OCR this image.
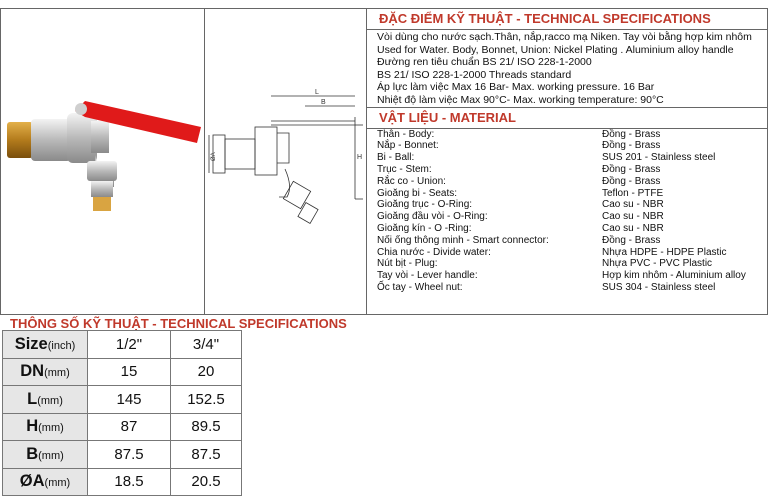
L
B
H
ØA
ĐẶC ĐIỂM KỸ THUẬT - TECHNICAL SPECIFICATIONS
Vòi dùng cho nước sạch.Thân, nắp,racco mạ Niken. Tay vòi bằng hợp kim nhôm
Used for Water. Body, Bonnet, Union: Nickel Plating . Aluminium alloy handle
Đường ren tiêu chuẩn BS 21/ ISO 228-1-2000
BS 21/ ISO 228-1-2000 Threads standard
Áp lực làm việc Max 16 Bar- Max. working pressure. 16 Bar
Nhiệt độ làm việc Max 90°C- Max. working temperature: 90°C
VẬT LIỆU - MATERIAL
Thân - Body:	Đồng - Brass
Nắp - Bonnet:	Đồng - Brass
Bi - Ball:	SUS 201 - Stainless steel
Trục - Stem:	Đồng - Brass
Rắc co - Union:	Đồng - Brass
Gioăng bi - Seats:	Teflon - PTFE
Gioăng trục - O-Ring:	Cao su - NBR
Gioăng đầu vòi - O-Ring:	Cao su - NBR
Gioăng kín - O -Ring:	Cao su - NBR
Nối ống thông minh - Smart connector:	Đồng - Brass
Chia nước - Divide water:	Nhựa HDPE - HDPE Plastic
Nút bịt - Plug:	Nhựa PVC - PVC Plastic
Tay vòi - Lever handle:	Hợp kim nhôm - Aluminium alloy
Ốc tay - Wheel nut:	SUS 304 - Stainless steel
THÔNG SỐ KỸ THUẬT - TECHNICAL SPECIFICATIONS
Size(inch)	1/2"	3/4"
DN(mm)	15	20
L(mm)	145	152.5
H(mm)	87	89.5
B(mm)	87.5	87.5
ØA(mm)	18.5	20.5
